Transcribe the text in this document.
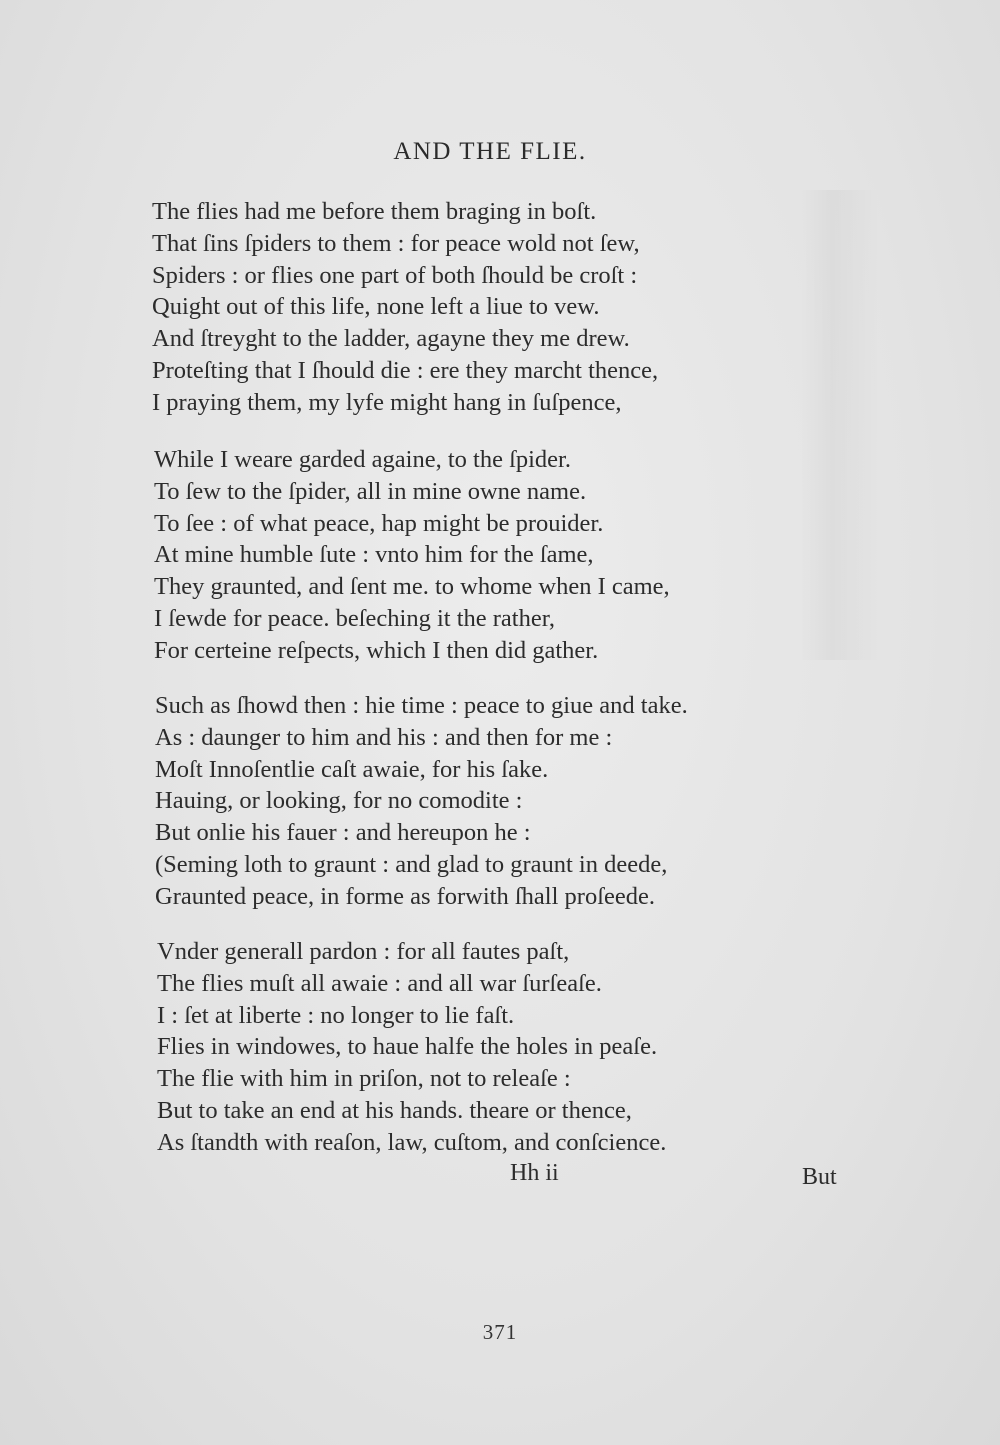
AND THE FLIE.
The flies had me before them braging in boſt.
That ſins ſpiders to them : for peace wold not ſew,
Spiders : or flies one part of both ſhould be croſt :
Quight out of this life, none left a liue to vew.
And ſtreyght to the ladder, agayne they me drew.
Proteſting that I ſhould die : ere they marcht thence,
I praying them, my lyfe might hang in ſuſpence,
While I weare garded againe, to the ſpider.
To ſew to the ſpider, all in mine owne name.
To ſee : of what peace, hap might be prouider.
At mine humble ſute : vnto him for the ſame,
They graunted, and ſent me. to whome when I came,
I ſewde for peace. beſeching it the rather,
For certeine reſpects, which I then did gather.
Such as ſhowd then : hie time : peace to giue and take.
As : daunger to him and his : and then for me :
Moſt Innoſentlie caſt awaie, for his ſake.
Hauing, or looking, for no comodite :
But onlie his fauer : and hereupon he :
(Seming loth to graunt : and glad to graunt in deede,
Graunted peace, in forme as forwith ſhall proſeede.
Vnder generall pardon : for all fautes paſt,
The flies muſt all awaie : and all war ſurſeaſe.
I : ſet at liberte : no longer to lie faſt.
Flies in windowes, to haue halfe the holes in peaſe.
The flie with him in priſon, not to releaſe :
But to take an end at his hands. theare or thence,
As ſtandth with reaſon, law, cuſtom, and conſcience.
Hh ii	But
371
